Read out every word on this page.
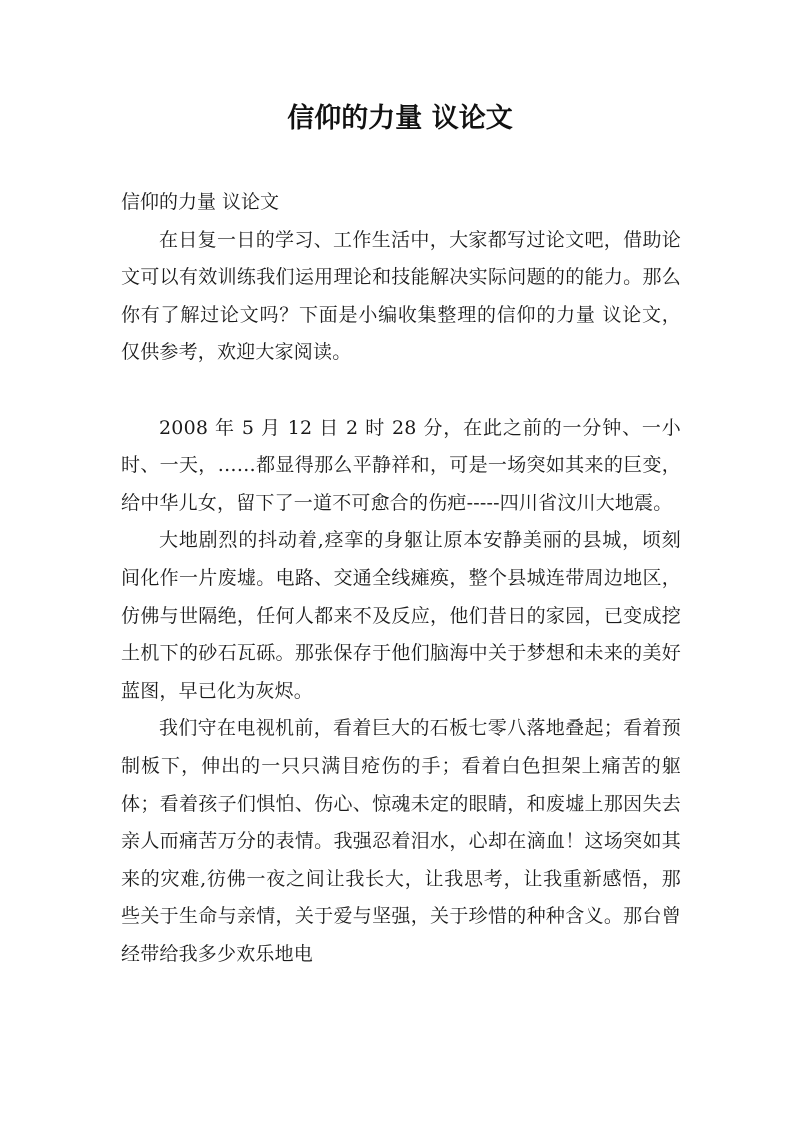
信仰的力量 议论文

信仰的力量 议论文

在日复一日的学习、工作生活中，大家都写过论文吧，借助论文可以有效训练我们运用理论和技能解决实际问题的的能力。那么你有了解过论文吗？下面是小编收集整理的信仰的力量 议论文，仅供参考，欢迎大家阅读。

2008 年 5 月 12 日 2 时 28 分，在此之前的一分钟、一小时、一天，……都显得那么平静祥和，可是一场突如其来的巨变，给中华儿女，留下了一道不可愈合的伤疤-----四川省汶川大地震。

大地剧烈的抖动着,痉挛的身躯让原本安静美丽的县城，顷刻间化作一片废墟。电路、交通全线瘫痪，整个县城连带周边地区，仿佛与世隔绝，任何人都来不及反应，他们昔日的家园，已变成挖土机下的砂石瓦砾。那张保存于他们脑海中关于梦想和未来的美好蓝图，早已化为灰烬。

我们守在电视机前，看着巨大的石板七零八落地叠起；看着预制板下，伸出的一只只满目疮伤的手；看着白色担架上痛苦的躯体；看着孩子们惧怕、伤心、惊魂未定的眼睛，和废墟上那因失去亲人而痛苦万分的表情。我强忍着泪水，心却在滴血！这场突如其来的灾难,彷佛一夜之间让我长大，让我思考，让我重新感悟，那些关于生命与亲情，关于爱与坚强，关于珍惜的种种含义。那台曾经带给我多少欢乐地电
